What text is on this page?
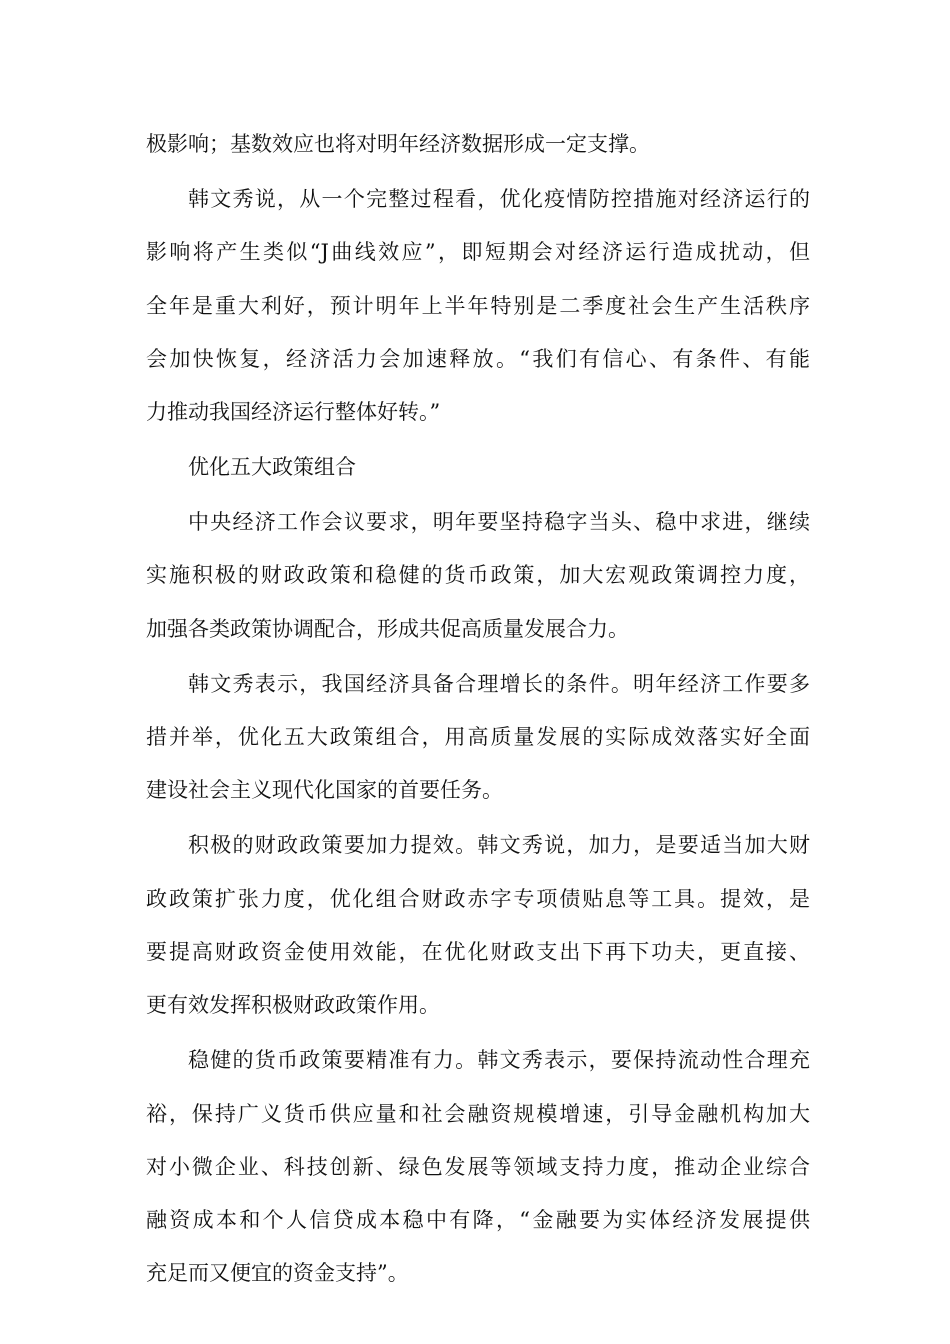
极影响；基数效应也将对明年经济数据形成一定支撑。
韩文秀说，从一个完整过程看，优化疫情防控措施对经济运行的
影响将产生类似“J曲线效应”，即短期会对经济运行造成扰动，但
全年是重大利好，预计明年上半年特别是二季度社会生产生活秩序
会加快恢复，经济活力会加速释放。“我们有信心、有条件、有能
力推动我国经济运行整体好转。”
优化五大政策组合
中央经济工作会议要求，明年要坚持稳字当头、稳中求进，继续
实施积极的财政政策和稳健的货币政策，加大宏观政策调控力度，
加强各类政策协调配合，形成共促高质量发展合力。
韩文秀表示，我国经济具备合理增长的条件。明年经济工作要多
措并举，优化五大政策组合，用高质量发展的实际成效落实好全面
建设社会主义现代化国家的首要任务。
积极的财政政策要加力提效。韩文秀说，加力，是要适当加大财
政政策扩张力度，优化组合财政赤字专项债贴息等工具。提效，是
要提高财政资金使用效能，在优化财政支出下再下功夫，更直接、
更有效发挥积极财政政策作用。
稳健的货币政策要精准有力。韩文秀表示，要保持流动性合理充
裕，保持广义货币供应量和社会融资规模增速，引导金融机构加大
对小微企业、科技创新、绿色发展等领域支持力度，推动企业综合
融资成本和个人信贷成本稳中有降，“金融要为实体经济发展提供
充足而又便宜的资金支持”。
